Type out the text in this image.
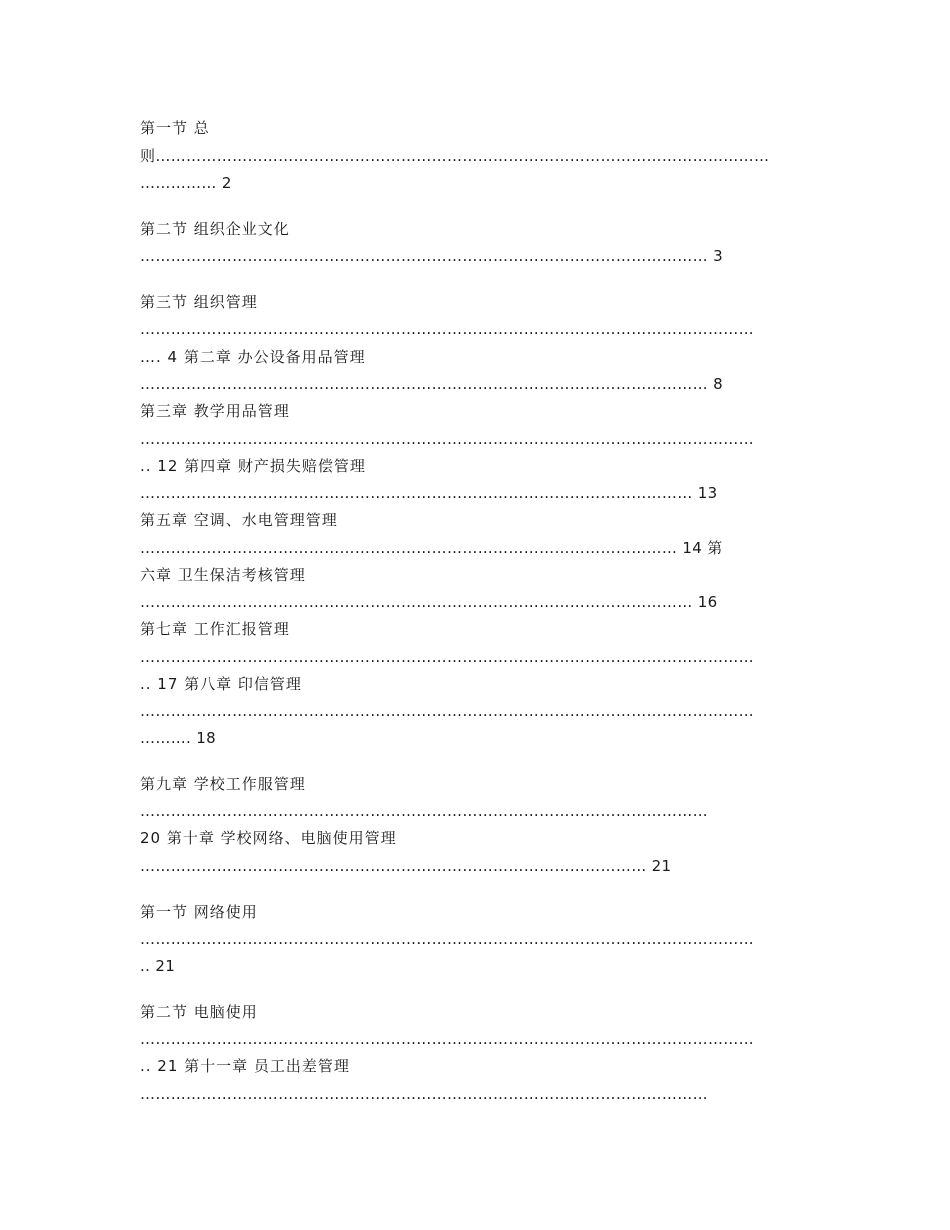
第一节 总
则…………………………………………………………………………………………………………
…………… 2
第二节 组织企业文化
………………………………………………………………………………………………… 3
第三节 组织管理
…………………………………………………………………………………………………………
…. 4 第二章 办公设备用品管理
………………………………………………………………………………………………… 8
第三章 教学用品管理
…………………………………………………………………………………………………………
.. 12 第四章 财产损失赔偿管理
……………………………………………………………………………………………… 13
第五章 空调、水电管理管理
…………………………………………………………………………………………… 14 第
六章 卫生保洁考核管理
……………………………………………………………………………………………… 16
第七章 工作汇报管理
…………………………………………………………………………………………………………
.. 17 第八章 印信管理
…………………………………………………………………………………………………………
………. 18
第九章 学校工作服管理
…………………………………………………………………………………………………
20 第十章 学校网络、电脑使用管理
……………………………………………………………………………………… 21
第一节 网络使用
…………………………………………………………………………………………………………
.. 21
第二节 电脑使用
…………………………………………………………………………………………………………
.. 21 第十一章 员工出差管理
…………………………………………………………………………………………………
